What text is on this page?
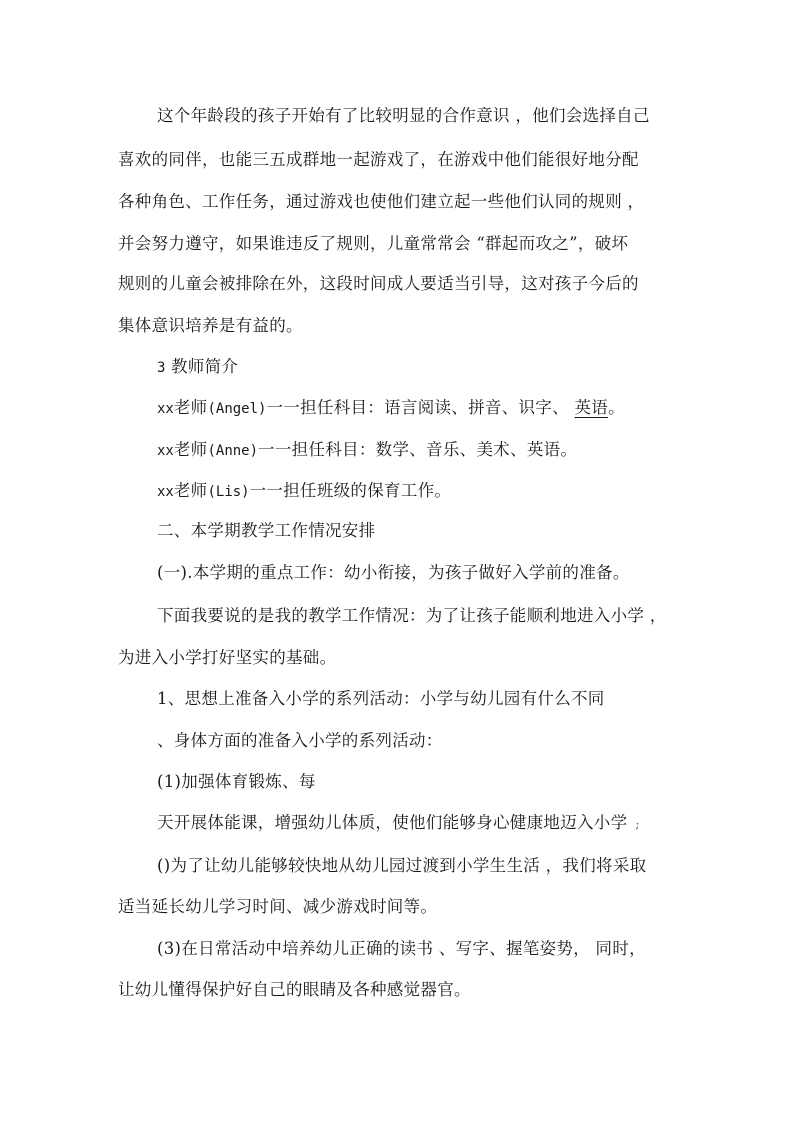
这个年龄段的孩子开始有了比较明显的合作意识 ，他们会选择自己
喜欢的同伴，也能三五成群地一起游戏了，在游戏中他们能很好地分配
各种角色、工作任务，通过游戏也使他们建立起一些他们认同的规则 ，
并会努力遵守，如果谁违反了规则，儿童常常会 “群起而攻之”，破坏
规则的儿童会被排除在外，这段时间成人要适当引导，这对孩子今后的
集体意识培养是有益的。
3 教师简介
xx老师(Angel)一一担任科目：语言阅读、拼音、识字、 英语。
xx老师(Anne)一一担任科目：数学、音乐、美术、英语。
xx老师(Lis)一一担任班级的保育工作。
二、本学期教学工作情况安排
(一).本学期的重点工作：幼小衔接，为孩子做好入学前的准备。
下面我要说的是我的教学工作情况：为了让孩子能顺利地进入小学 ，
为进入小学打好坚实的基础。
1、思想上准备入小学的系列活动：小学与幼儿园有什么不同
、身体方面的准备入小学的系列活动：
(1)加强体育锻炼、每
天开展体能课，增强幼儿体质，使他们能够身心健康地迈入小学 ;
()为了让幼儿能够较快地从幼儿园过渡到小学生生活 ，我们将采取
适当延长幼儿学习时间、减少游戏时间等。
(3)在日常活动中培养幼儿正确的读书 、写字、握笔姿势， 同时，
让幼儿懂得保护好自己的眼睛及各种感觉器官。
